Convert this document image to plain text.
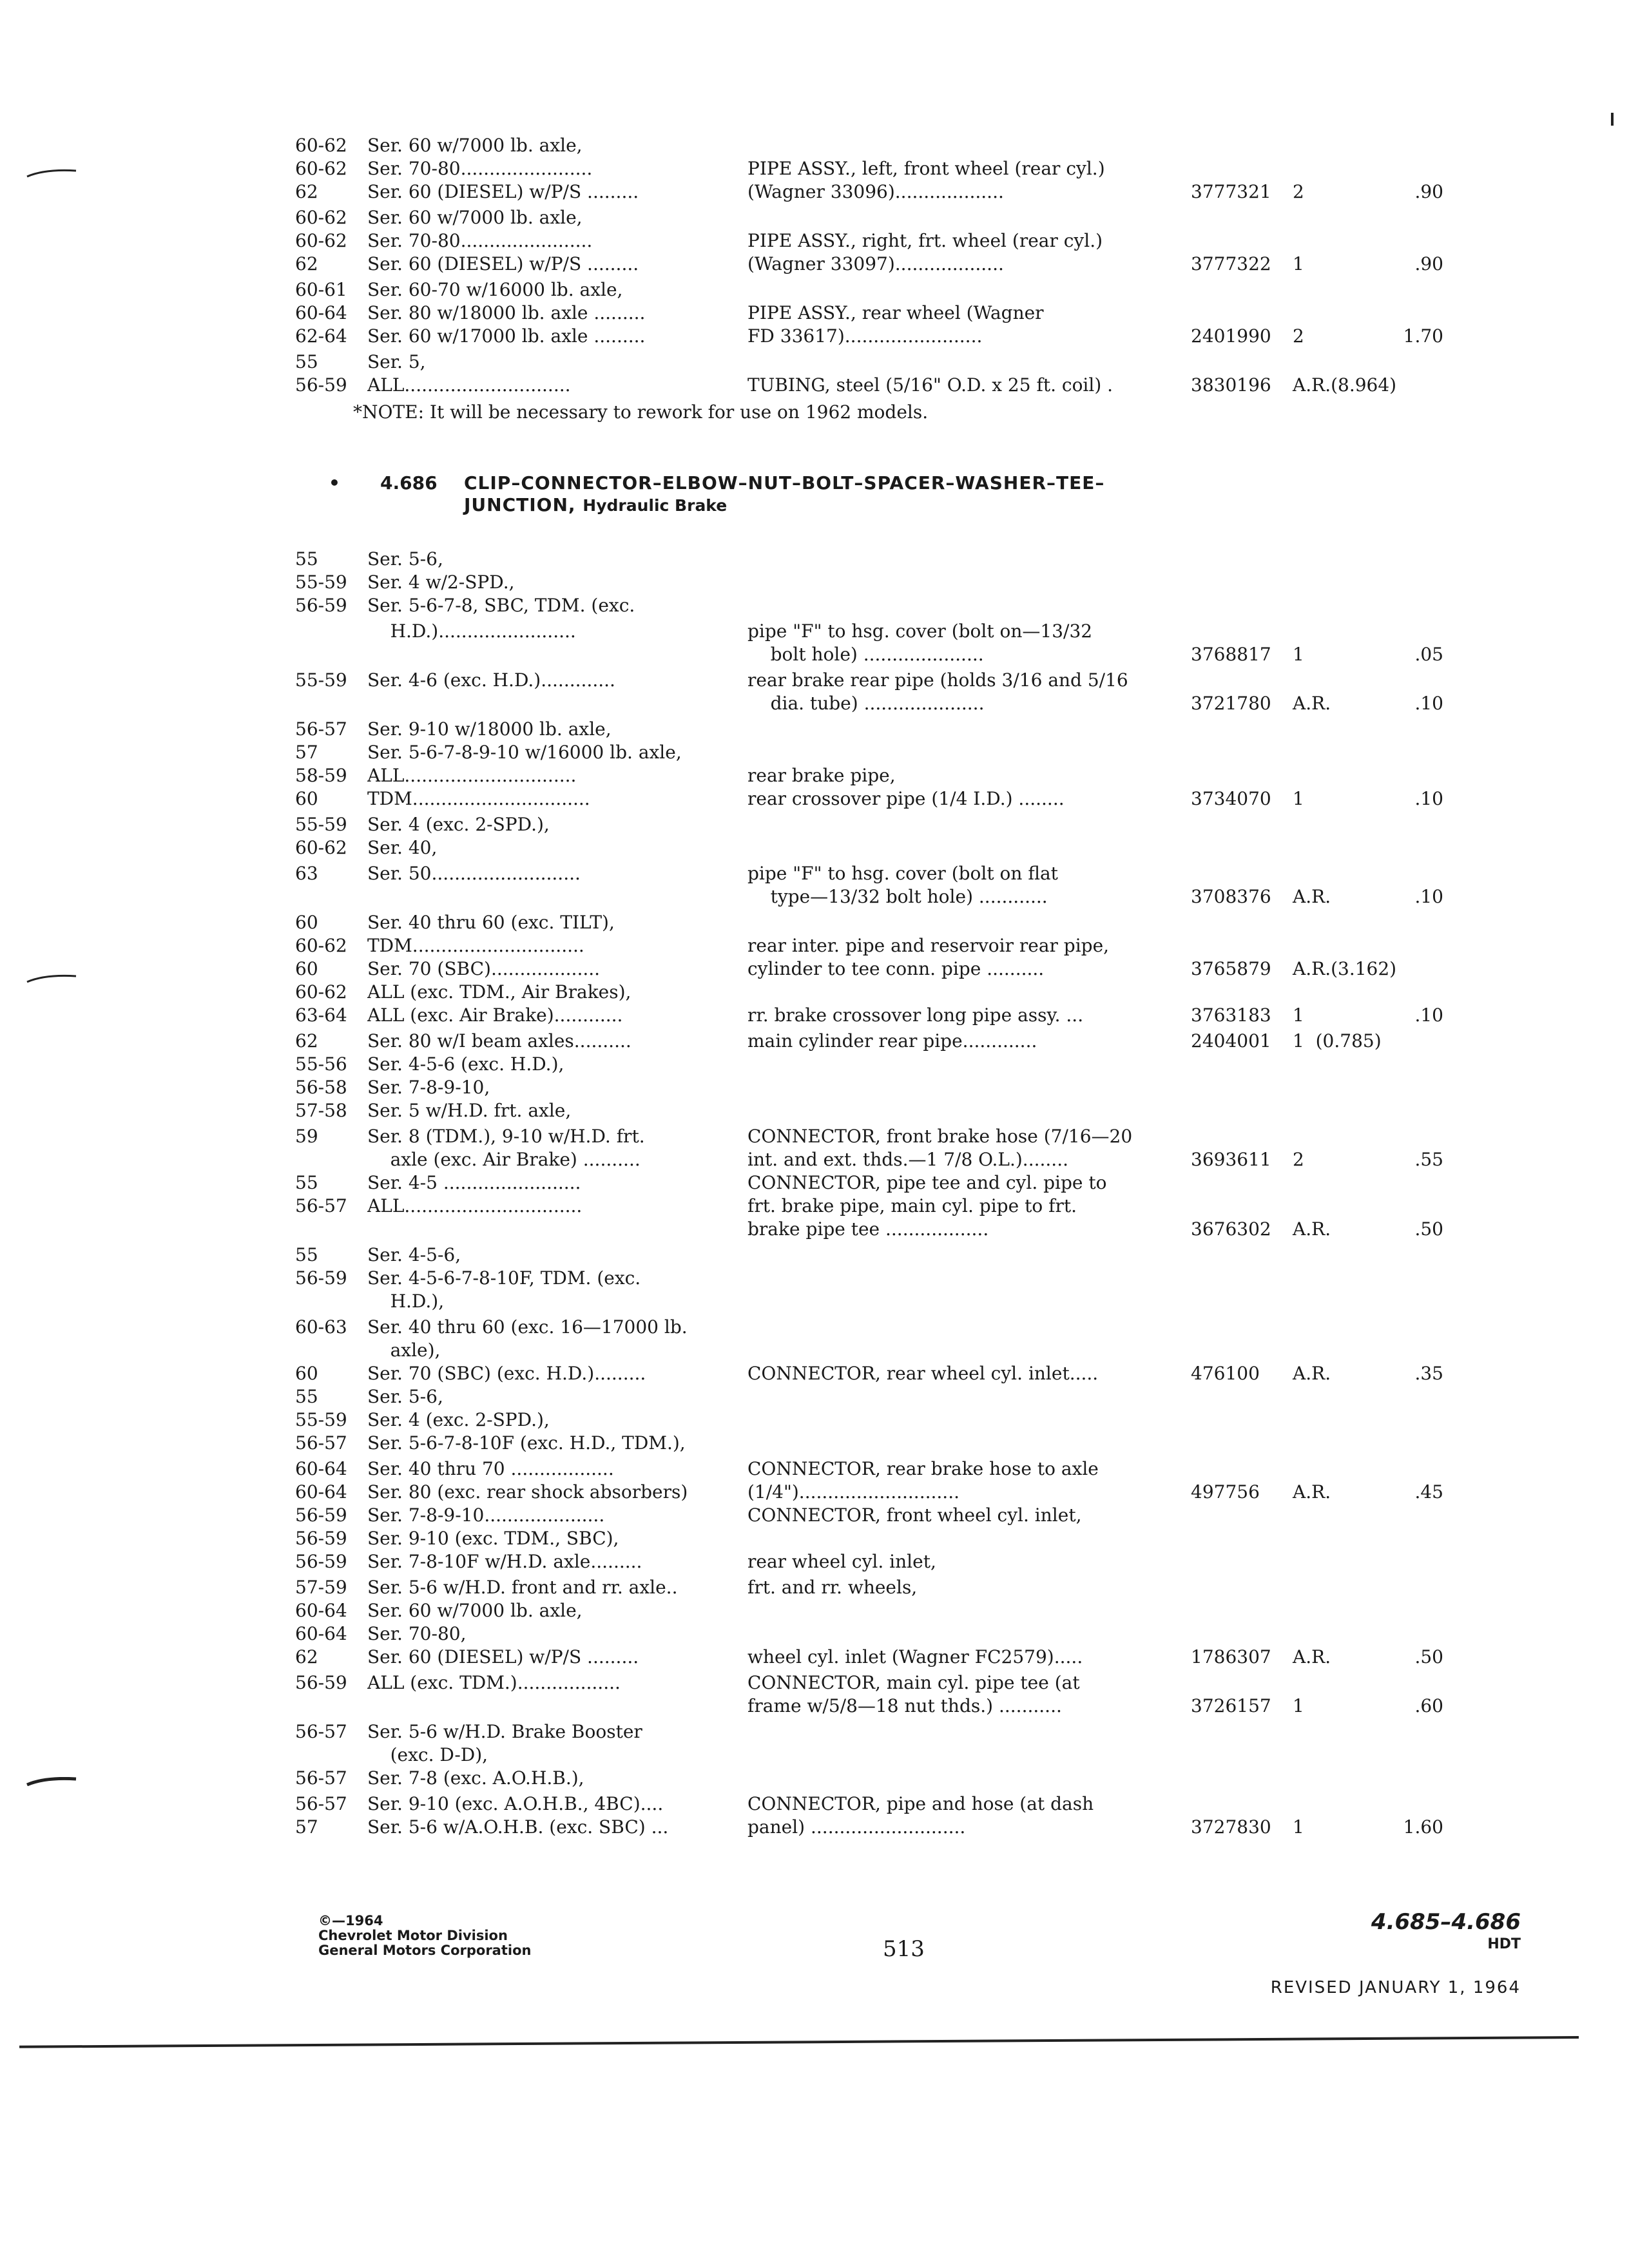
60-62	Ser. 60 w/7000 lb. axle,
60-62	Ser. 70-80.......................	PIPE ASSY., left, front wheel (rear cyl.)
62	Ser. 60 (DIESEL) w/P/S .........	(Wagner 33096)...................	3777321	2	.90
60-62	Ser. 60 w/7000 lb. axle,
60-62	Ser. 70-80.......................	PIPE ASSY., right, frt. wheel (rear cyl.)
62	Ser. 60 (DIESEL) w/P/S .........	(Wagner 33097)...................	3777322	1	.90
60-61	Ser. 60-70 w/16000 lb. axle,
60-64	Ser. 80 w/18000 lb. axle .........	PIPE ASSY., rear wheel (Wagner
62-64	Ser. 60 w/17000 lb. axle .........	FD 33617)........................	2401990	2	1.70
55	Ser. 5,
56-59	ALL.............................	TUBING, steel (5/16" O.D. x 25 ft. coil) .	3830196	A.R.(8.964)
55	Ser. 5-6,
55-59	Ser. 4 w/2-SPD.,
56-59	Ser. 5-6-7-8, SBC, TDM. (exc.
H.D.)........................	pipe "F" to hsg. cover (bolt on—13/32
bolt hole) .....................	3768817	1	.05
55-59	Ser. 4-6 (exc. H.D.).............	rear brake rear pipe (holds 3/16 and 5/16
dia. tube) .....................	3721780	A.R.	.10
56-57	Ser. 9-10 w/18000 lb. axle,
57	Ser. 5-6-7-8-9-10 w/16000 lb. axle,
58-59	ALL..............................	rear brake pipe,
60	TDM...............................	rear crossover pipe (1/4 I.D.) ........	3734070	1	.10
55-59	Ser. 4 (exc. 2-SPD.),
60-62	Ser. 40,
63	Ser. 50..........................	pipe "F" to hsg. cover (bolt on flat
type—13/32 bolt hole) ............	3708376	A.R.	.10
60	Ser. 40 thru 60 (exc. TILT),
60-62	TDM..............................	rear inter. pipe and reservoir rear pipe,
60	Ser. 70 (SBC)...................	cylinder to tee conn. pipe ..........	3765879	A.R.(3.162)
60-62	ALL (exc. TDM., Air Brakes),
63-64	ALL (exc. Air Brake)............	rr. brake crossover long pipe assy. ...	3763183	1	.10
62	Ser. 80 w/I beam axles..........	main cylinder rear pipe.............	2404001	1  (0.785)
55-56	Ser. 4-5-6 (exc. H.D.),
56-58	Ser. 7-8-9-10,
57-58	Ser. 5 w/H.D. frt. axle,
59	Ser. 8 (TDM.), 9-10 w/H.D. frt.	CONNECTOR, front brake hose (7/16—20
axle (exc. Air Brake) ..........	int. and ext. thds.—1 7/8 O.L.)........	3693611	2	.55
55	Ser. 4-5 ........................	CONNECTOR, pipe tee and cyl. pipe to
56-57	ALL...............................	frt. brake pipe, main cyl. pipe to frt.
brake pipe tee ..................	3676302	A.R.	.50
55	Ser. 4-5-6,
56-59	Ser. 4-5-6-7-8-10F, TDM. (exc.
H.D.),
60-63	Ser. 40 thru 60 (exc. 16—17000 lb.
axle),
60	Ser. 70 (SBC) (exc. H.D.).........	CONNECTOR, rear wheel cyl. inlet.....	476100	A.R.	.35
55	Ser. 5-6,
55-59	Ser. 4 (exc. 2-SPD.),
56-57	Ser. 5-6-7-8-10F (exc. H.D., TDM.),
60-64	Ser. 40 thru 70 ..................	CONNECTOR, rear brake hose to axle
60-64	Ser. 80 (exc. rear shock absorbers)	(1/4")............................	497756	A.R.	.45
56-59	Ser. 7-8-9-10.....................	CONNECTOR, front wheel cyl. inlet,
56-59	Ser. 9-10 (exc. TDM., SBC),
56-59	Ser. 7-8-10F w/H.D. axle.........	rear wheel cyl. inlet,
57-59	Ser. 5-6 w/H.D. front and rr. axle..	frt. and rr. wheels,
60-64	Ser. 60 w/7000 lb. axle,
60-64	Ser. 70-80,
62	Ser. 60 (DIESEL) w/P/S .........	wheel cyl. inlet (Wagner FC2579).....	1786307	A.R.	.50
56-59	ALL (exc. TDM.)..................	CONNECTOR, main cyl. pipe tee (at
frame w/5/8—18 nut thds.) ...........	3726157	1	.60
56-57	Ser. 5-6 w/H.D. Brake Booster
(exc. D-D),
56-57	Ser. 7-8 (exc. A.O.H.B.),
56-57	Ser. 9-10 (exc. A.O.H.B., 4BC)....	CONNECTOR, pipe and hose (at dash
57	Ser. 5-6 w/A.O.H.B. (exc. SBC) ...	panel) ...........................	3727830	1	1.60
*NOTE: It will be necessary to rework for use on 1962 models.

•

4.686

CLIP–CONNECTOR–ELBOW–NUT–BOLT–SPACER–WASHER–TEE–

JUNCTION, Hydraulic Brake

©—1964
Chevrolet Motor Division
General Motors Corporation	513
4.685–4.686
HDT
REVISED JANUARY 1, 1964
